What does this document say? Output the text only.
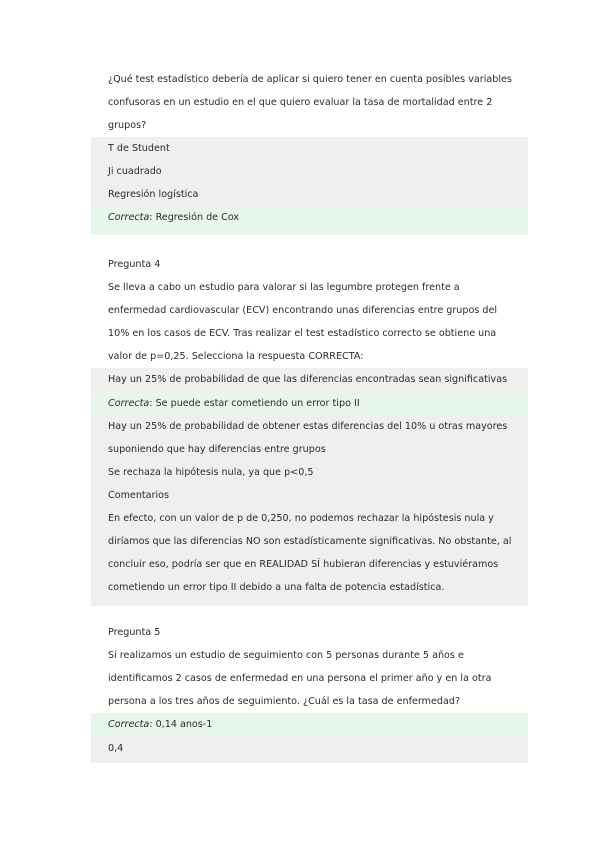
¿Qué test estadístico debería de aplicar si quiero tener en cuenta posibles variables
confusoras en un estudio en el que quiero evaluar la tasa de mortalidad entre 2
grupos?
T de Student
Ji cuadrado
Regresión logística
Correcta: Regresión de Cox
Pregunta 4
Se lleva a cabo un estudio para valorar si las legumbre protegen frente a
enfermedad cardiovascular (ECV) encontrando unas diferencias entre grupos del
10% en los casos de ECV. Tras realizar el test estadístico correcto se obtiene una
valor de p=0,25. Selecciona la respuesta CORRECTA:
Hay un 25% de probabilidad de que las diferencias encontradas sean significativas
Correcta: Se puede estar cometiendo un error tipo II
Hay un 25% de probabilidad de obtener estas diferencias del 10% u otras mayores
suponiendo que hay diferencias entre grupos
Se rechaza la hipótesis nula, ya que p<0,5
Comentarios
En efecto, con un valor de p de 0,250, no podemos rechazar la hipóstesis nula y
diríamos que las diferencias NO son estadísticamente significativas. No obstante, al
concluir eso, podría ser que en REALIDAD SÍ hubieran diferencias y estuviéramos
cometiendo un error tipo II debido a una falta de potencia estadística.
Pregunta 5
Si realizamos un estudio de seguimiento con 5 personas durante 5 años e
identificamos 2 casos de enfermedad en una persona el primer año y en la otra
persona a los tres años de seguimiento. ¿Cuál es la tasa de enfermedad?
Correcta: 0,14 anos-1
0,4
